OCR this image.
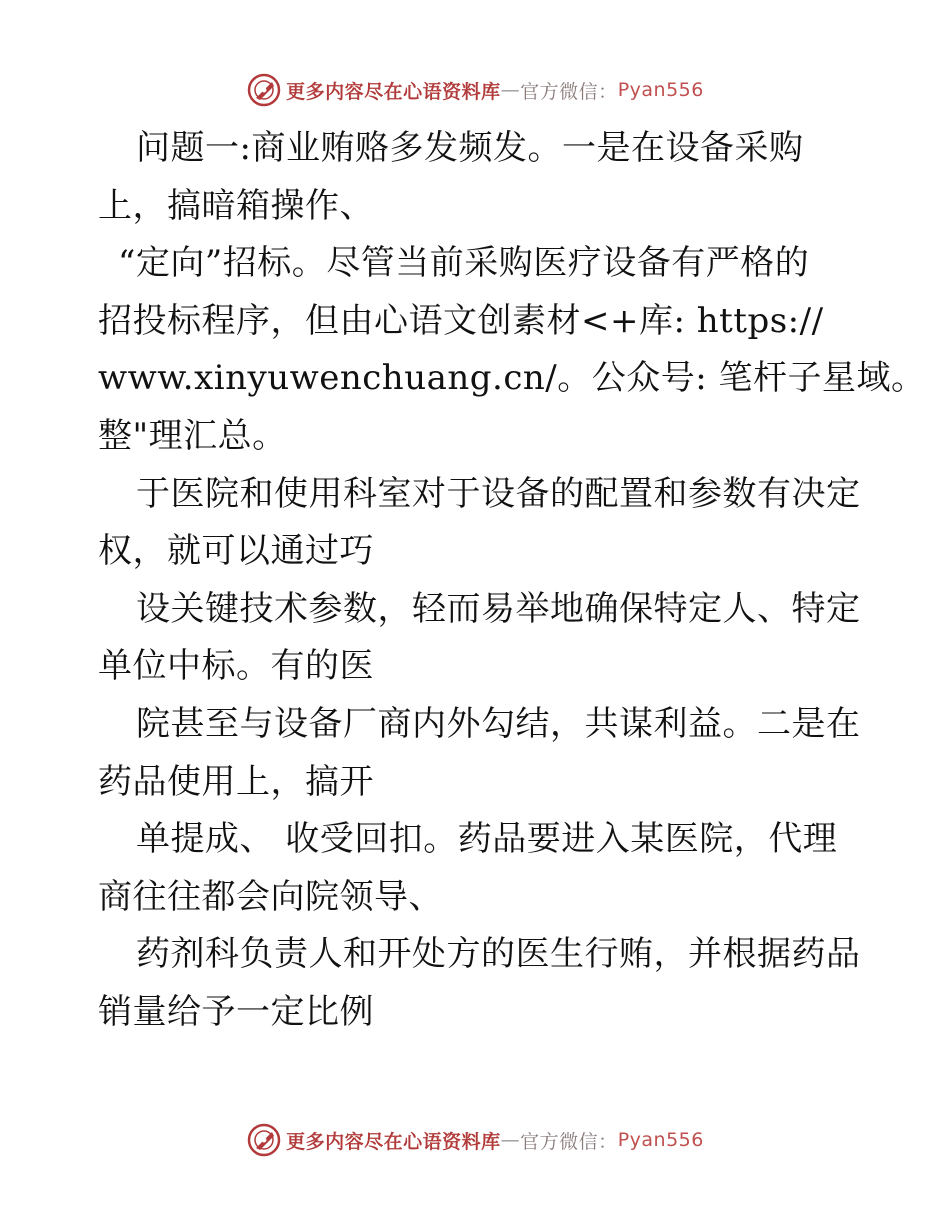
更多内容尽在心语资料库 — 官方微信： Pyan556
问题一:商业贿赂多发频发。一是在设备采购
上，搞暗箱操作、
“定向”招标。尽管当前采购医疗设备有严格的
招投标程序，但由心语文创素材<+库: https://
www.xinyuwenchuang.cn/。公众号: 笔杆子星域。
整"理汇总。
于医院和使用科室对于设备的配置和参数有决定
权，就可以通过巧
设关键技术参数，轻而易举地确保特定人、特定
单位中标。有的医
院甚至与设备厂商内外勾结，共谋利益。二是在
药品使用上，搞开
单提成、 收受回扣。药品要进入某医院，代理
商往往都会向院领导、
药剂科负责人和开处方的医生行贿，并根据药品
销量给予一定比例
更多内容尽在心语资料库 — 官方微信： Pyan556
